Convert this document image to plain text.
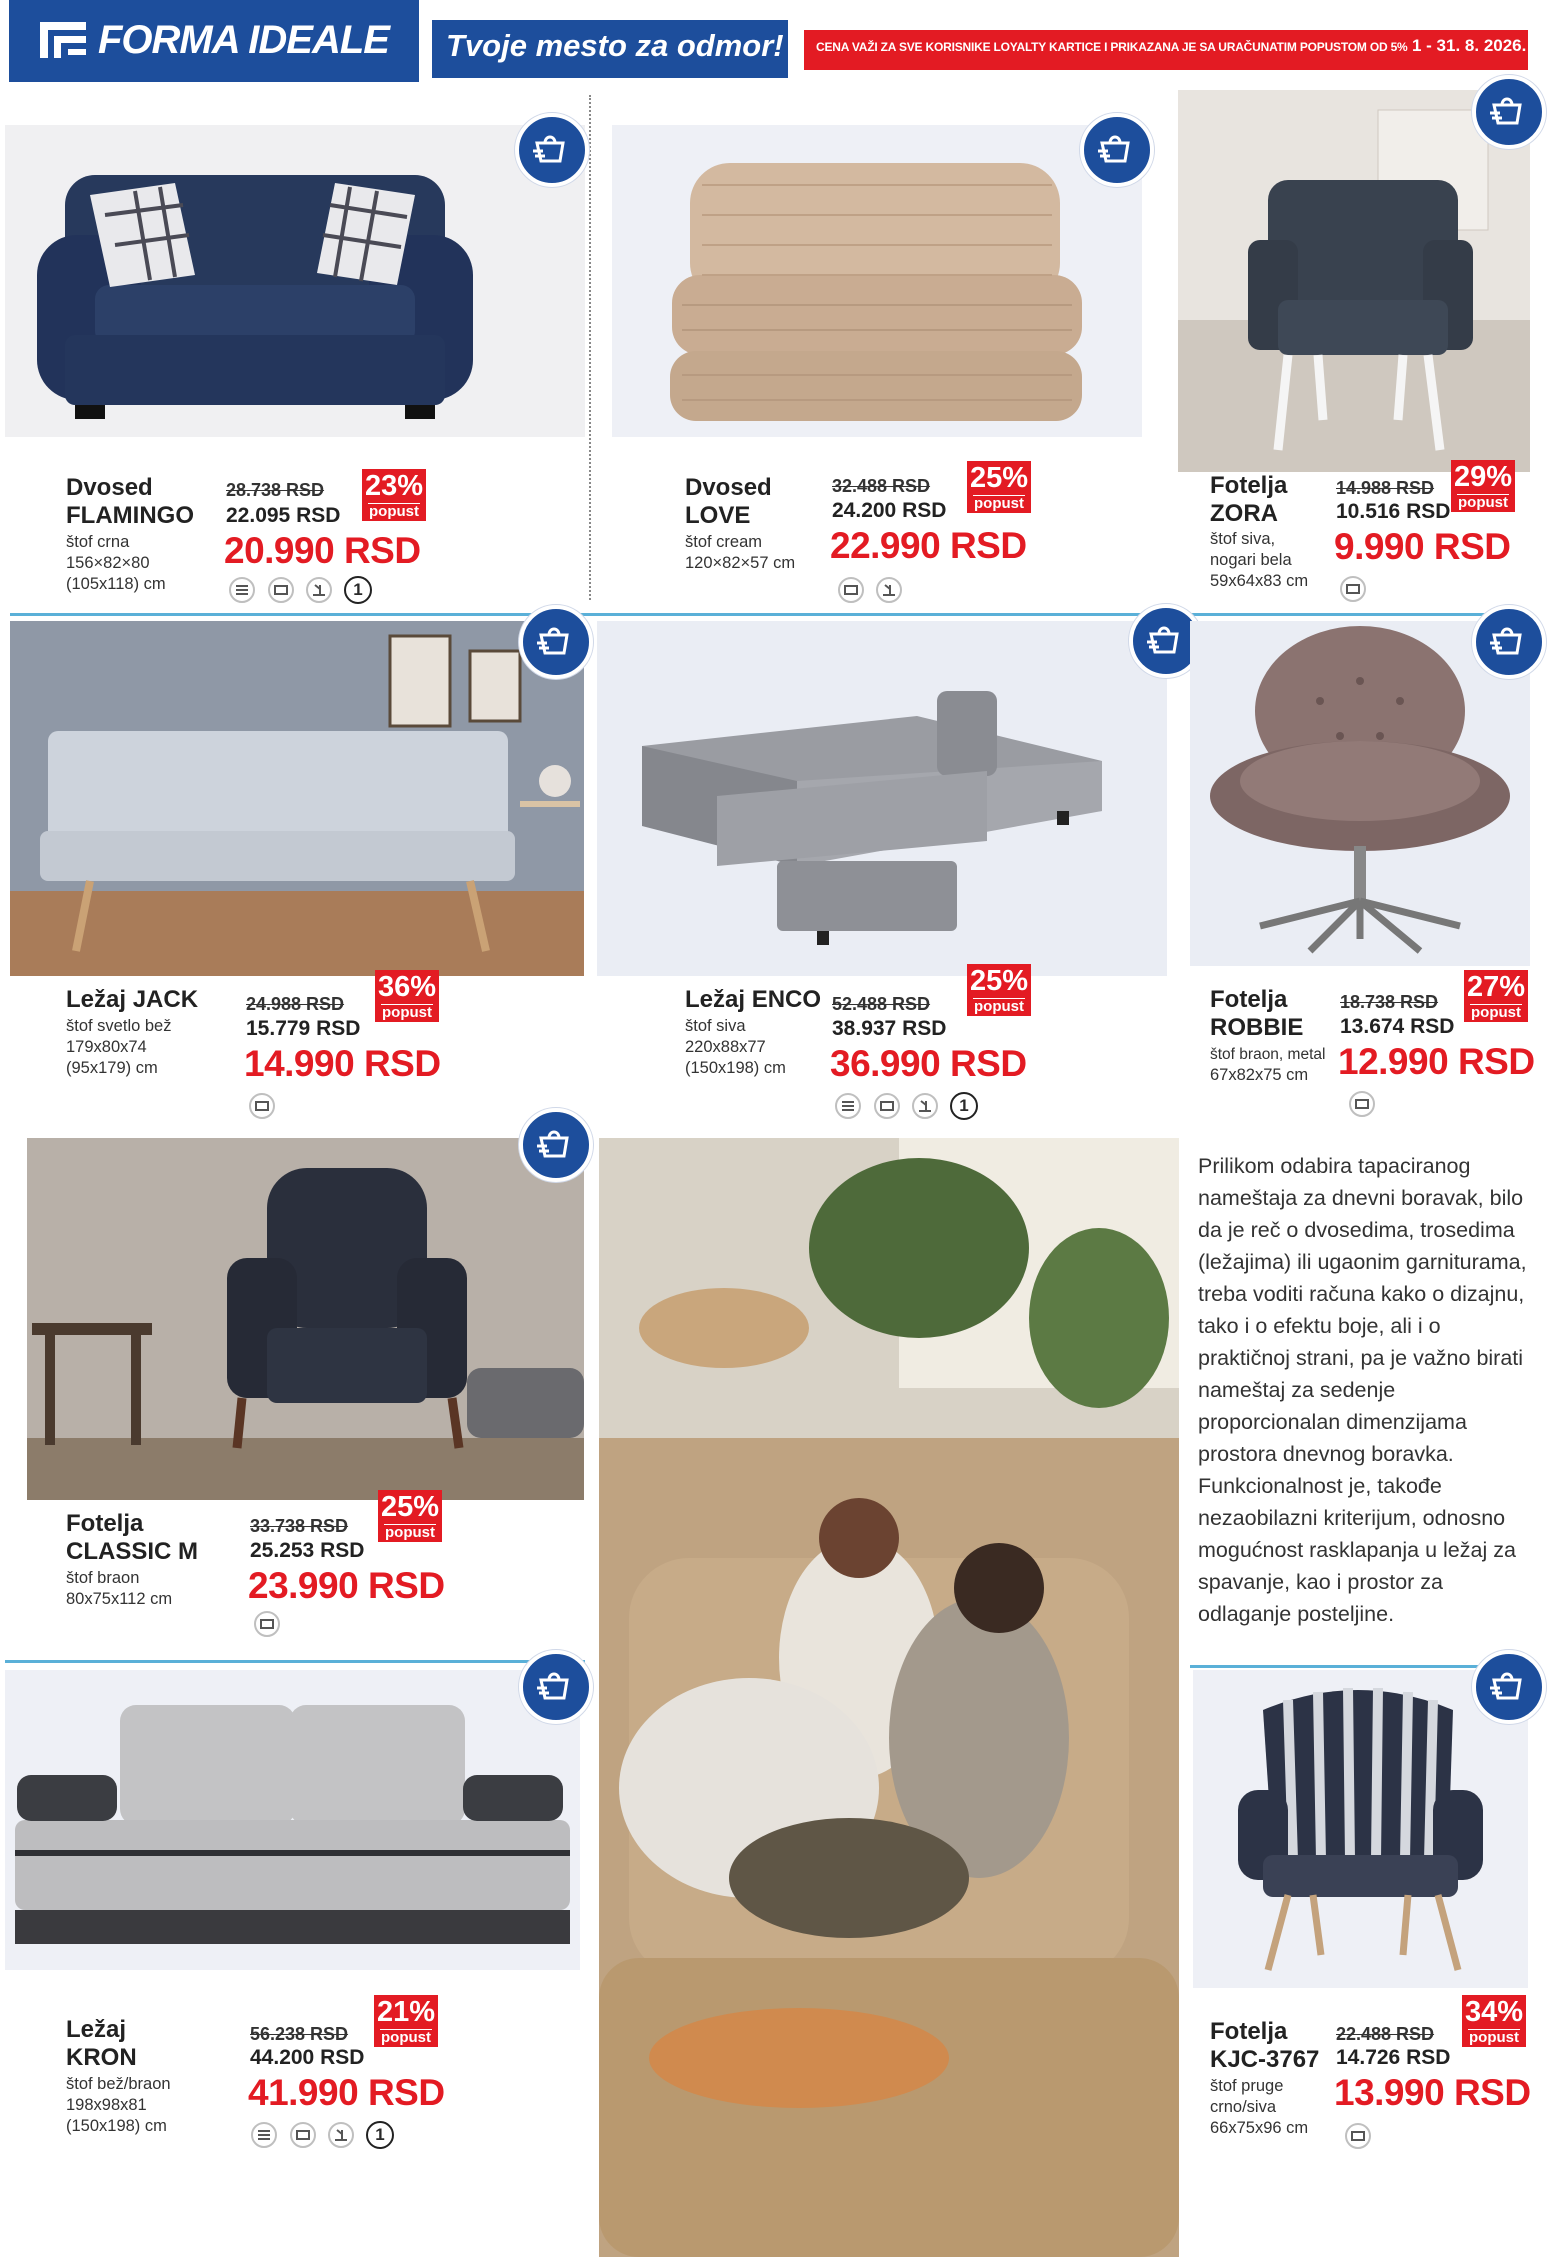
FORMA IDEALE Tvoje mesto za odmor!	CENA VAŽI ZA SVE KORISNIKE LOYALTY KARTICE I PRIKAZANA JE SA URAČUNATIM POPUSTOM OD 5% 1 - 31. 8. 2026.
Dvosed
FLAMINGO
štof crna
156×82×80
(105x118) cm
28.738 RSD
22.095 RSD
23%
popust
20.990 RSD
1
Dvosed
LOVE
štof cream
120×82×57 cm
32.488 RSD
24.200 RSD
25%
popust
22.990 RSD
Fotelja
ZORA
štof siva,
nogari bela
59x64x83 cm
14.988 RSD
10.516 RSD
29%
popust
9.990 RSD
Ležaj JACK
štof svetlo bež
179x80x74
(95x179) cm
24.988 RSD
15.779 RSD
36%
popust
14.990 RSD
Ležaj ENCO
štof siva
220x88x77
(150x198) cm
52.488 RSD
38.937 RSD
25%
popust
36.990 RSD
1
Fotelja
ROBBIE
štof braon, metal
67x82x75 cm
18.738 RSD
13.674 RSD
27%
popust
12.990 RSD
Fotelja
CLASSIC M
štof braon
80x75x112 cm
33.738 RSD
25.253 RSD
25%
popust
23.990 RSD
Prilikom odabira tapaciranog nameštaja za dnevni boravak, bilo da je reč o dvosedima, trosedima (ležajima) ili ugaonim garniturama, treba voditi računa kako o dizajnu, tako i o efektu boje, ali i o praktičnoj strani, pa je važno birati nameštaj za sedenje proporcionalan dimenzijama prostora dnevnog boravka. Funkcionalnost je, takođe nezaobilazni kriterijum, odnosno mogućnost rasklapanja u ležaj za spavanje, kao i prostor za odlaganje posteljine.
Ležaj
KRON
štof bež/braon
198x98x81
(150x198) cm
56.238 RSD
44.200 RSD
21%
popust
41.990 RSD
1
Fotelja
KJC-3767
štof pruge
crno/siva
66x75x96 cm
22.488 RSD
14.726 RSD
34%
popust
13.990 RSD
